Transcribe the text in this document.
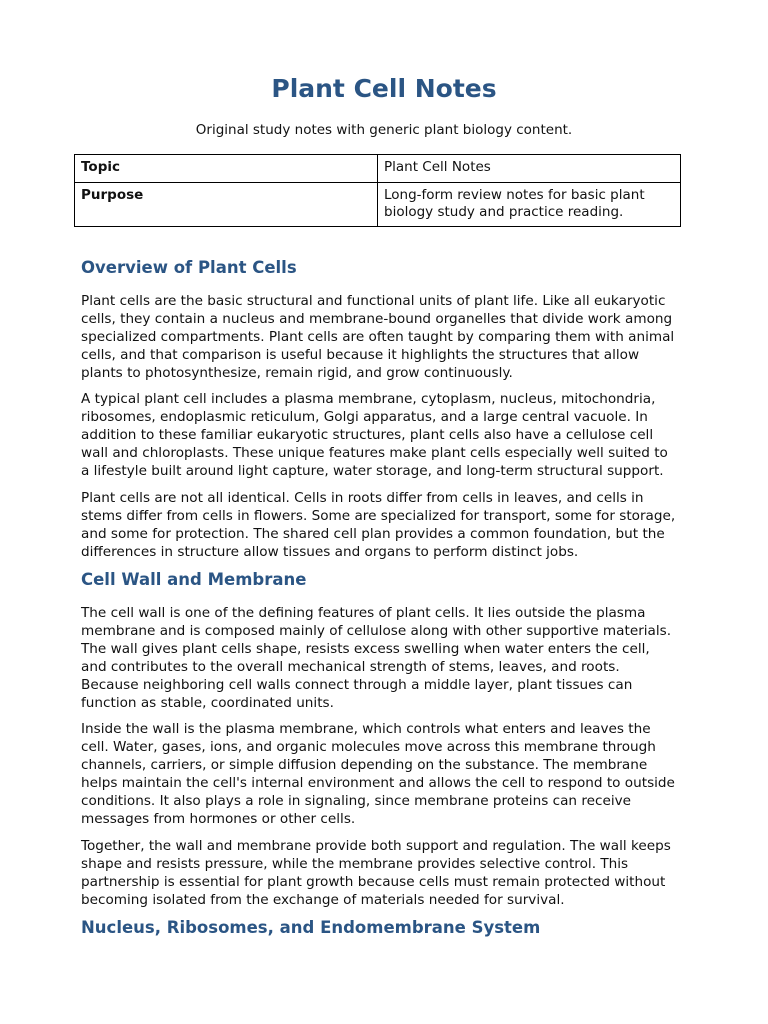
Plant Cell Notes

Original study notes with generic plant biology content.

Topic	Plant Cell Notes
Purpose	Long-form review notes for basic plant
biology study and practice reading.
Overview of Plant Cells

Plant cells are the basic structural and functional units of plant life. Like all eukaryotic
cells, they contain a nucleus and membrane-bound organelles that divide work among
specialized compartments. Plant cells are often taught by comparing them with animal
cells, and that comparison is useful because it highlights the structures that allow
plants to photosynthesize, remain rigid, and grow continuously.

A typical plant cell includes a plasma membrane, cytoplasm, nucleus, mitochondria,
ribosomes, endoplasmic reticulum, Golgi apparatus, and a large central vacuole. In
addition to these familiar eukaryotic structures, plant cells also have a cellulose cell
wall and chloroplasts. These unique features make plant cells especially well suited to
a lifestyle built around light capture, water storage, and long-term structural support.

Plant cells are not all identical. Cells in roots differ from cells in leaves, and cells in
stems differ from cells in flowers. Some are specialized for transport, some for storage,
and some for protection. The shared cell plan provides a common foundation, but the
differences in structure allow tissues and organs to perform distinct jobs.

Cell Wall and Membrane

The cell wall is one of the defining features of plant cells. It lies outside the plasma
membrane and is composed mainly of cellulose along with other supportive materials.
The wall gives plant cells shape, resists excess swelling when water enters the cell,
and contributes to the overall mechanical strength of stems, leaves, and roots.
Because neighboring cell walls connect through a middle layer, plant tissues can
function as stable, coordinated units.

Inside the wall is the plasma membrane, which controls what enters and leaves the
cell. Water, gases, ions, and organic molecules move across this membrane through
channels, carriers, or simple diffusion depending on the substance. The membrane
helps maintain the cell's internal environment and allows the cell to respond to outside
conditions. It also plays a role in signaling, since membrane proteins can receive
messages from hormones or other cells.

Together, the wall and membrane provide both support and regulation. The wall keeps
shape and resists pressure, while the membrane provides selective control. This
partnership is essential for plant growth because cells must remain protected without
becoming isolated from the exchange of materials needed for survival.

Nucleus, Ribosomes, and Endomembrane System
